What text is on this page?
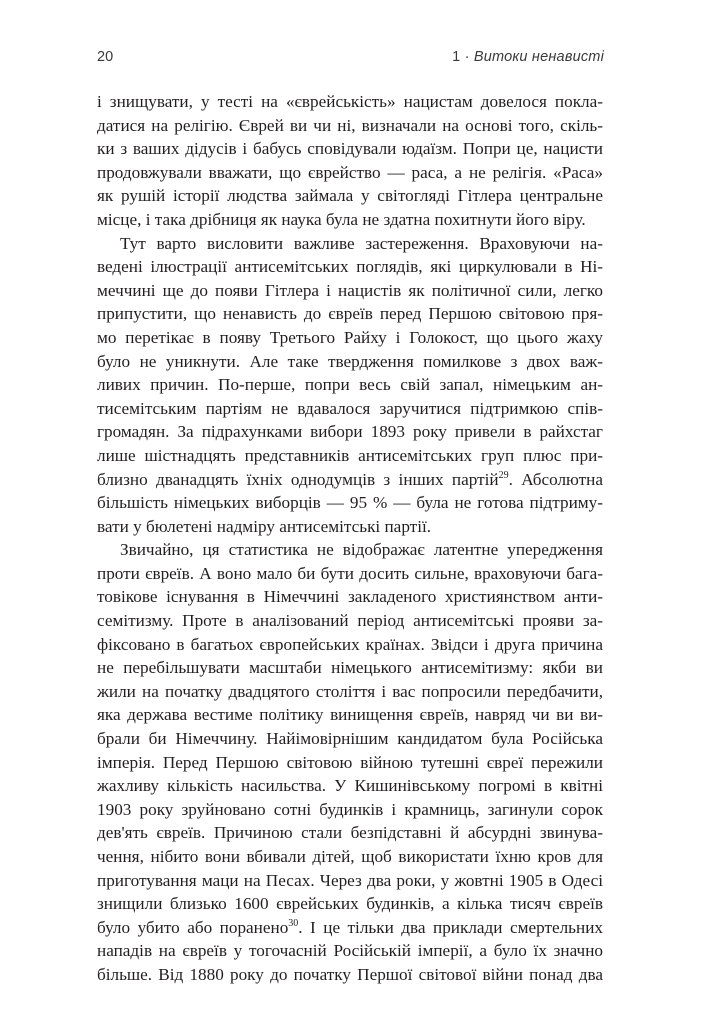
20	1 · Витоки ненависті
і знищувати, у тесті на «єврейськість» нацистам довелося покла-
датися на релігію. Єврей ви чи ні, визначали на основі того, скіль-
ки з ваших дідусів і бабусь сповідували юдаїзм. Попри це, нацисти
продовжували вважати, що єврейство — раса, а не релігія. «Раса»
як рушій історії людства займала у світогляді Гітлера центральне
місце, і така дрібниця як наука була не здатна похитнути його віру.
Тут варто висловити важливе застереження. Враховуючи на-
ведені ілюстрації антисемітських поглядів, які циркулювали в Ні-
меччині ще до появи Гітлера і нацистів як політичної сили, легко
припустити, що ненависть до євреїв перед Першою світовою пря-
мо перетікає в появу Третього Райху і Голокост, що цього жаху
було не уникнути. Але таке твердження помилкове з двох важ-
ливих причин. По-перше, попри весь свій запал, німецьким ан-
тисемітським партіям не вдавалося заручитися підтримкою спів-
громадян. За підрахунками вибори 1893 року привели в райхстаг
лише шістнадцять представників антисемітських груп плюс при-
близно дванадцять їхніх однодумців з інших партій$^{29}$. Абсолютна
більшість німецьких виборців — 95 % — була не готова підтриму-
вати у бюлетені надміру антисемітські партії.
Звичайно, ця статистика не відображає латентне упередження
проти євреїв. А воно мало би бути досить сильне, враховуючи бага-
товікове існування в Німеччині закладеного християнством анти-
семітизму. Проте в аналізований період антисемітські прояви за-
фіксовано в багатьох європейських країнах. Звідси і друга причина
не перебільшувати масштаби німецького антисемітизму: якби ви
жили на початку двадцятого століття і вас попросили передбачити,
яка держава вестиме політику винищення євреїв, навряд чи ви ви-
брали би Німеччину. Найімовірнішим кандидатом була Російська
імперія. Перед Першою світовою війною тутешні євреї пережили
жахливу кількість насильства. У Кишинівському погромі в квітні
1903 року зруйновано сотні будинків і крамниць, загинули сорок
дев'ять євреїв. Причиною стали безпідставні й абсурдні звинува-
чення, нібито вони вбивали дітей, щоб використати їхню кров для
приготування маци на Песах. Через два роки, у жовтні 1905 в Одесі
знищили близько 1600 єврейських будинків, а кілька тисяч євреїв
було убито або поранено$^{30}$. І це тільки два приклади смертельних
нападів на євреїв у тогочасній Російській імперії, а було їх значно
більше. Від 1880 року до початку Першої світової війни понад два
